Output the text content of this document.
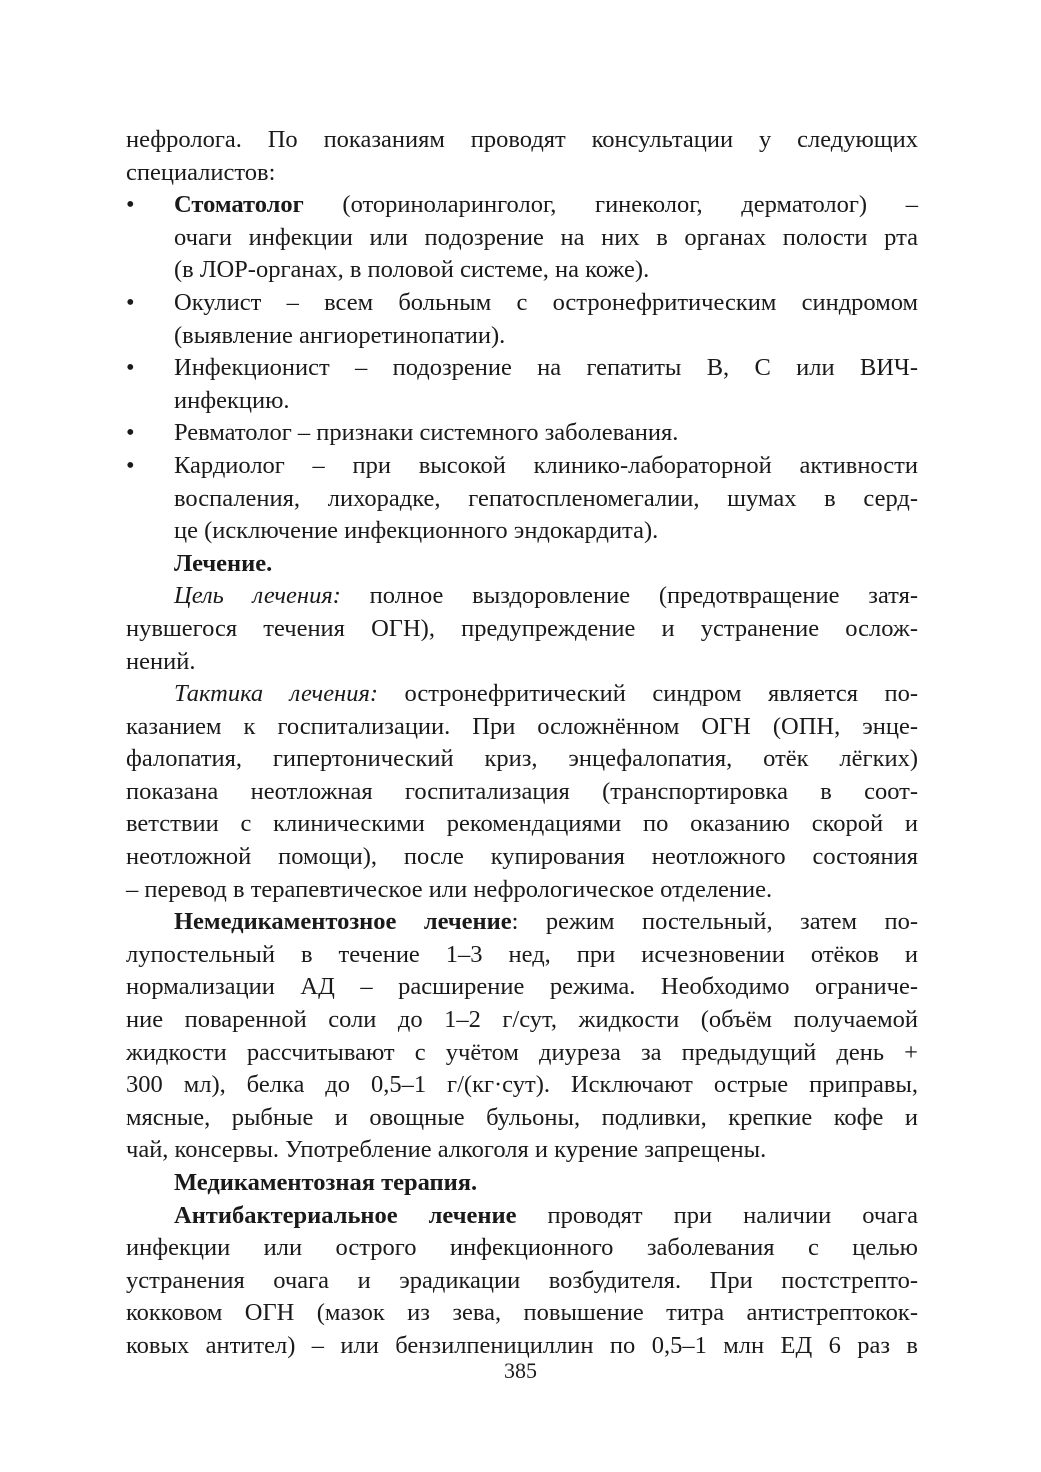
нефролога. По показаниям проводят консультации у следующих
специалистов:
•	Стоматолог (оториноларинголог, гинеколог, дерматолог) –
очаги инфекции или подозрение на них в органах полости рта
(в ЛОР-органах, в половой системе, на коже).
•	Окулист – всем больным с остронефритическим синдромом
(выявление ангиоретинопатии).
•	Инфекционист – подозрение на гепатиты B, C или ВИЧ-
инфекцию.
•	Ревматолог – признаки системного заболевания.
•	Кардиолог – при высокой клинико-лабораторной активности
воспаления, лихорадке, гепатоспленомегалии, шумах в серд-
це (исключение инфекционного эндокардита).
Лечение.
Цель лечения: полное выздоровление (предотвращение затя-
нувшегося течения ОГН), предупреждение и устранение ослож-
нений.
Тактика лечения: остронефритический синдром является по-
казанием к госпитализации. При осложнённом ОГН (ОПН, энце-
фалопатия, гипертонический криз, энцефалопатия, отёк лёгких)
показана неотложная госпитализация (транспортировка в соот-
ветствии с клиническими рекомендациями по оказанию скорой и
неотложной помощи), после купирования неотложного состояния
– перевод в терапевтическое или нефрологическое отделение.
Немедикаментозное лечение: режим постельный, затем по-
лупостельный в течение 1–3 нед, при исчезновении отёков и
нормализации АД – расширение режима. Необходимо ограниче-
ние поваренной соли до 1–2 г/сут, жидкости (объём получаемой
жидкости рассчитывают с учётом диуреза за предыдущий день +
300 мл), белка до 0,5–1 г/(кг·сут). Исключают острые приправы,
мясные, рыбные и овощные бульоны, подливки, крепкие кофе и
чай, консервы. Употребление алкоголя и курение запрещены.
Медикаментозная терапия.
Антибактериальное лечение проводят при наличии очага
инфекции или острого инфекционного заболевания с целью
устранения очага и эрадикации возбудителя. При постстрепто-
кокковом ОГН (мазок из зева, повышение титра антистрептокок-
ковых антител) – или бензилпенициллин по 0,5–1 млн ЕД 6 раз в
385
